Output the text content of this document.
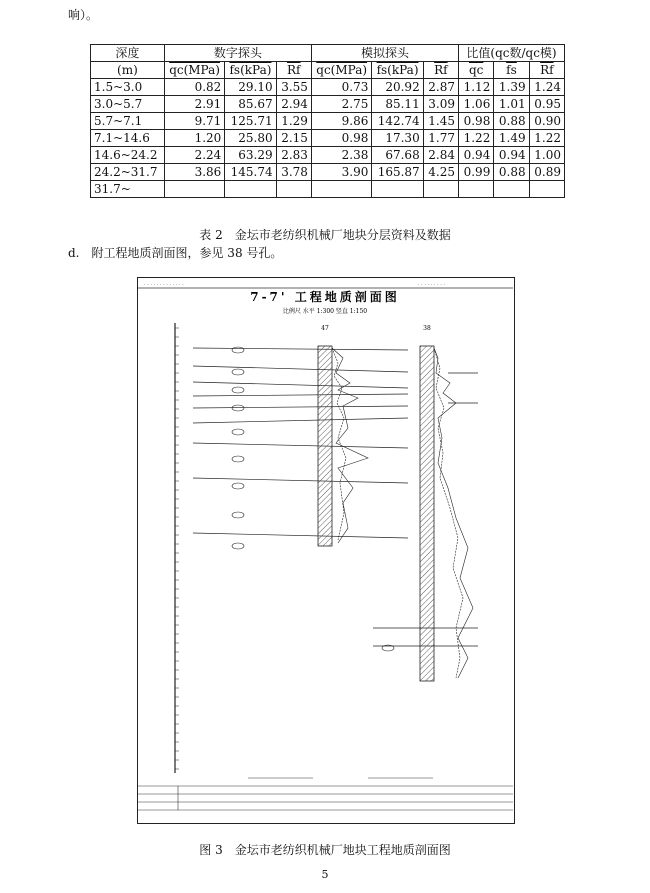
响）。
深度	数字探头			模拟探头			比值(qc数/qc模)		
(m)	qc(MPa)	fs(kPa)	$\overline{Rf}$	qc(MPa)	fs(kPa)	$\overline{Rf}$	$\overline{qc}$	$\overline{fs}$	$\overline{Rf}$
1.5~3.0	0.82	29.10	3.55	0.73	20.92	2.87	1.12	1.39	1.24
3.0~5.7	2.91	85.67	2.94	2.75	85.11	3.09	1.06	1.01	0.95
5.7~7.1	9.71	125.71	1.29	9.86	142.74	1.45	0.98	0.88	0.90
7.1~14.6	1.20	25.80	2.15	0.98	17.30	1.77	1.22	1.49	1.22
14.6~24.2	2.24	63.29	2.83	2.38	67.68	2.84	0.94	0.94	1.00
24.2~31.7	3.86	145.74	3.78	3.90	165.87	4.25	0.99	0.88	0.89
31.7~									
表 2　金坛市老纺织机械厂地块分层资料及数据
d.　附工程地质剖面图，参见 38 号孔。
· · · · · · · · · · · · ·	· · · · · · · · ·
7-7' 工程地质剖面图
比例尺 水平 1:300 竖直 1:150
47	38
图 3　金坛市老纺织机械厂地块工程地质剖面图
5
